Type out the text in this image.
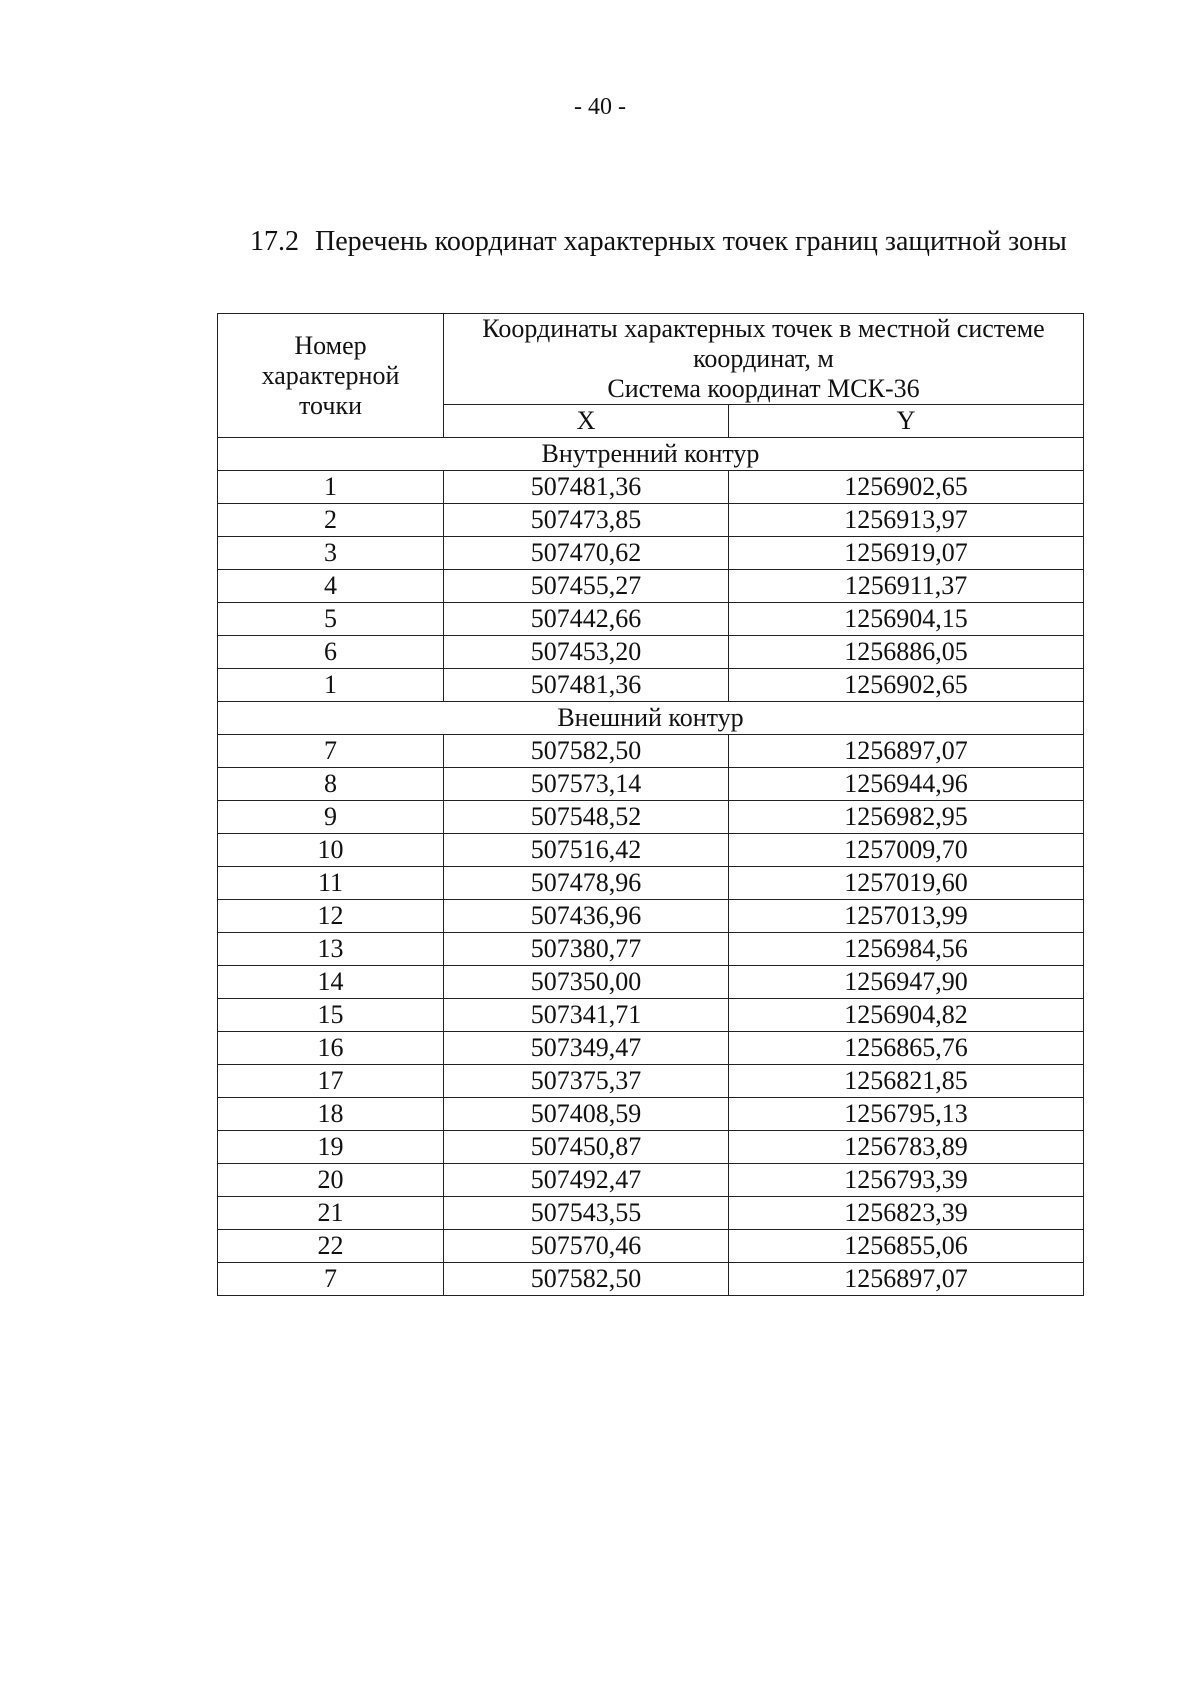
- 40 -
17.2 Перечень координат характерных точек границ защитной зоны
Номер
характерной
точки	Координаты характерных точек в местной системе
координат, м
Система координат МСК-36	

	X	Y
Внутренний контур		
1	507481,36	1256902,65
2	507473,85	1256913,97
3	507470,62	1256919,07
4	507455,27	1256911,37
5	507442,66	1256904,15
6	507453,20	1256886,05
1	507481,36	1256902,65
Внешний контур		
7	507582,50	1256897,07
8	507573,14	1256944,96
9	507548,52	1256982,95
10	507516,42	1257009,70
11	507478,96	1257019,60
12	507436,96	1257013,99
13	507380,77	1256984,56
14	507350,00	1256947,90
15	507341,71	1256904,82
16	507349,47	1256865,76
17	507375,37	1256821,85
18	507408,59	1256795,13
19	507450,87	1256783,89
20	507492,47	1256793,39
21	507543,55	1256823,39
22	507570,46	1256855,06
7	507582,50	1256897,07
